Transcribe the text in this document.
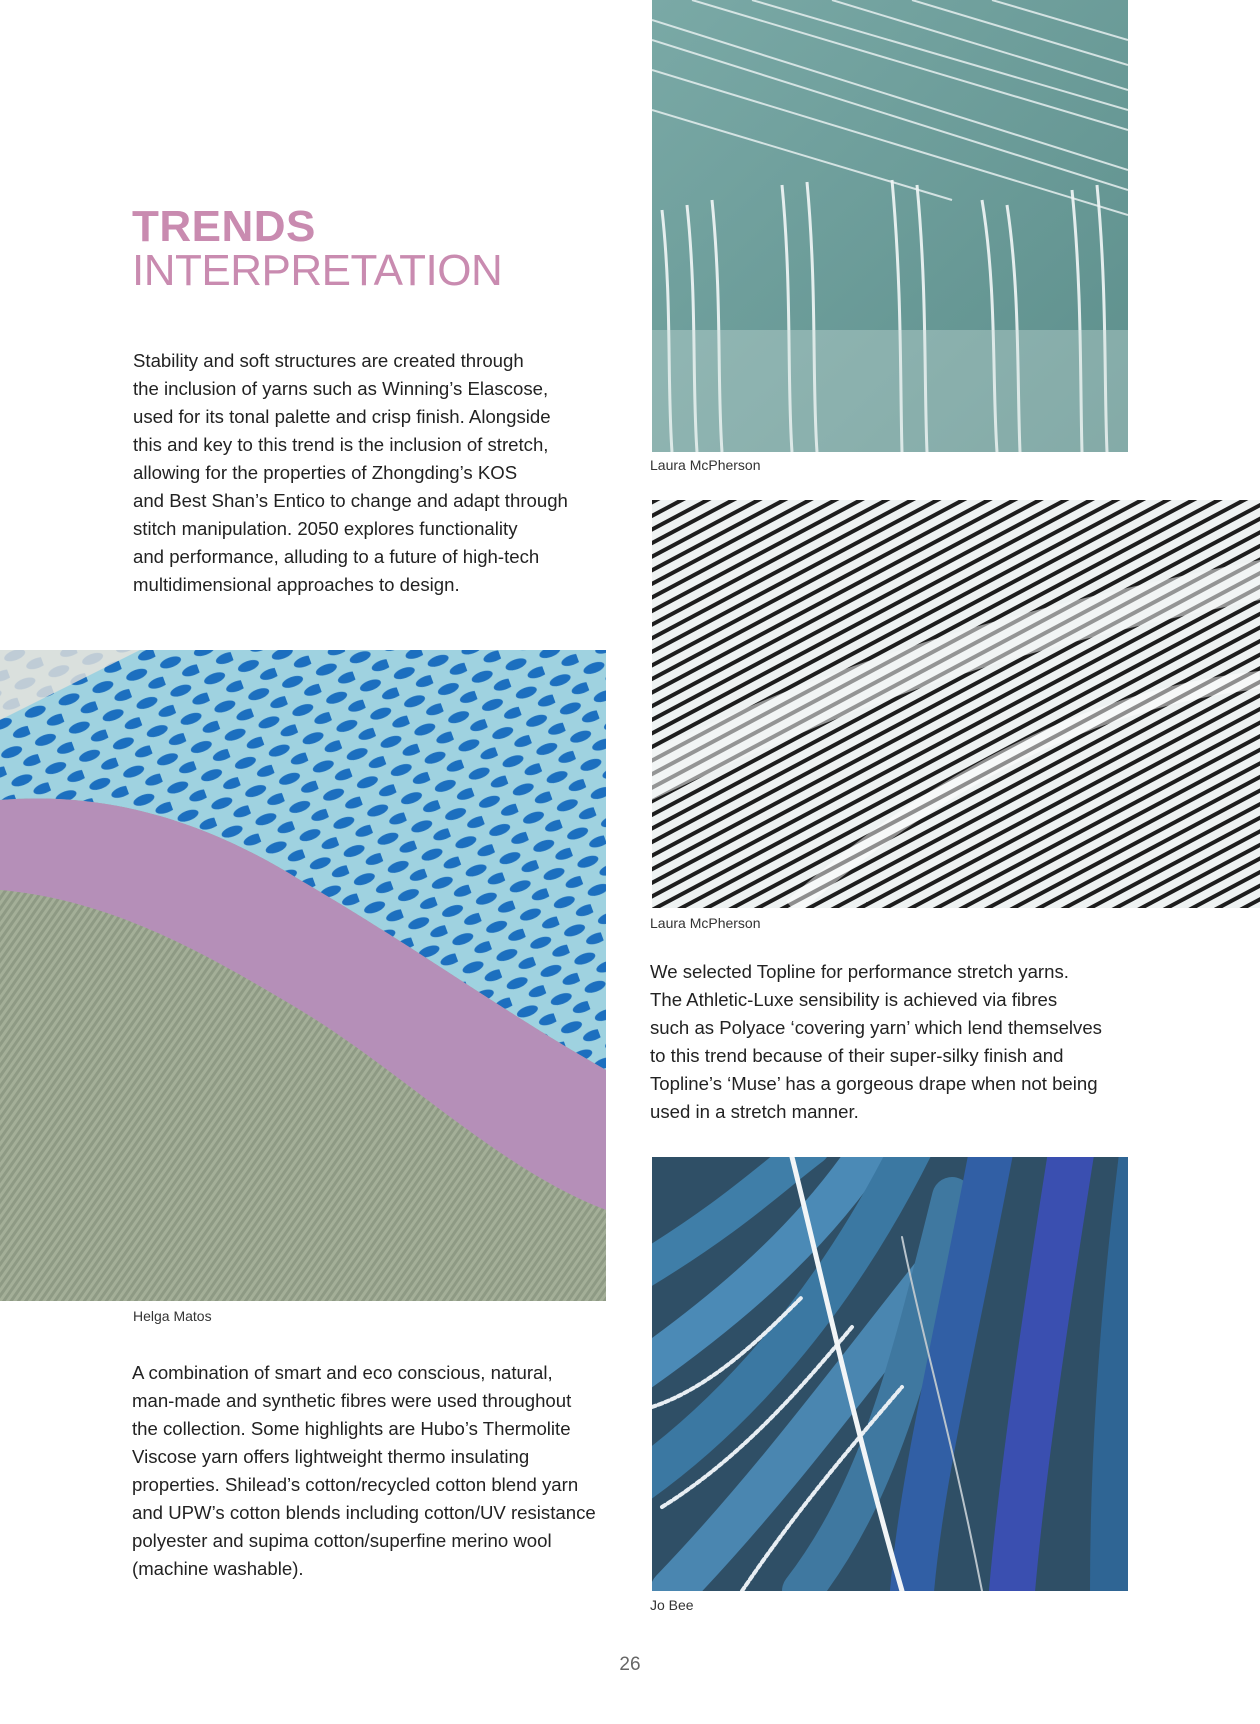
TRENDS
INTERPRETATION
Stability and soft structures are created through
the inclusion of yarns such as Winning’s Elascose,
used for its tonal palette and crisp finish. Alongside
this and key to this trend is the inclusion of stretch,
allowing for the properties of Zhongding’s KOS
and Best Shan’s Entico to change and adapt through
stitch manipulation. 2050 explores functionality
and performance, alluding to a future of high-tech
multidimensional approaches to design.
Laura McPherson
Laura McPherson
We selected Topline for performance stretch yarns.
The Athletic-Luxe sensibility is achieved via fibres
such as Polyace ‘covering yarn’ which lend themselves
to this trend because of their super-silky finish and
Topline’s ‘Muse’ has a gorgeous drape when not being
used in a stretch manner.
Helga Matos
A combination of smart and eco conscious, natural,
man-made and synthetic fibres were used throughout
the collection. Some highlights are Hubo’s Thermolite
Viscose yarn offers lightweight thermo insulating
properties. Shilead’s cotton/recycled cotton blend yarn
and UPW’s cotton blends including cotton/UV resistance
polyester and supima cotton/superfine merino wool
(machine washable).
Jo Bee
26
